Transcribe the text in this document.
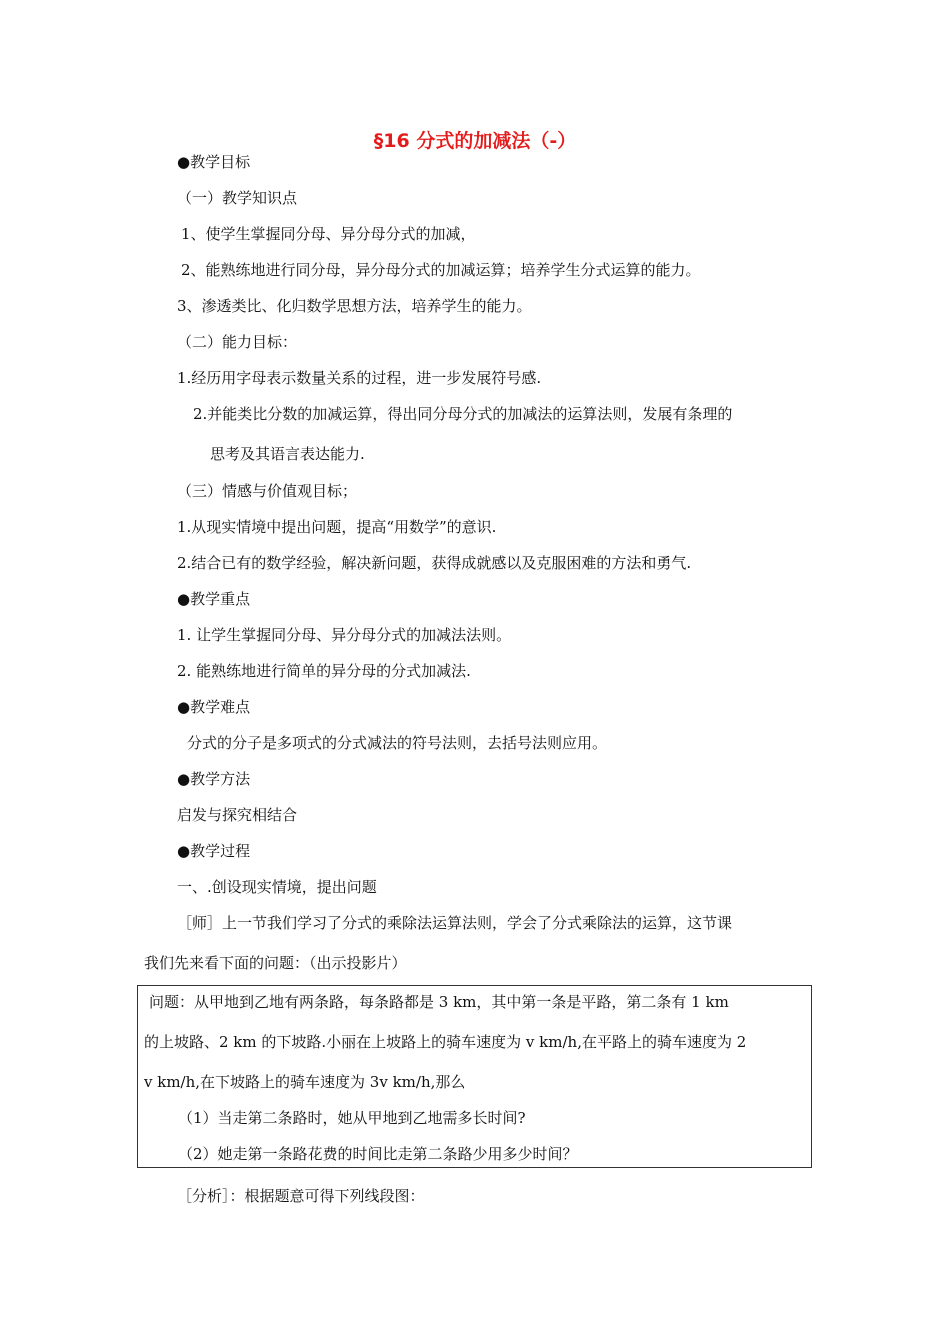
§16 分式的加减法（-）
●教学目标
（一）教学知识点
1、使学生掌握同分母、异分母分式的加减，
2、能熟练地进行同分母，异分母分式的加减运算；培养学生分式运算的能力。
3、渗透类比、化归数学思想方法，培养学生的能力。
（二）能力目标：
1.经历用字母表示数量关系的过程，进一步发展符号感.
2.并能类比分数的加减运算，得出同分母分式的加减法的运算法则，发展有条理的
思考及其语言表达能力.
（三）情感与价值观目标；
1.从现实情境中提出问题，提高“用数学”的意识.
2.结合已有的数学经验，解决新问题，获得成就感以及克服困难的方法和勇气.
●教学重点
1. 让学生掌握同分母、异分母分式的加减法法则。
2. 能熟练地进行简单的异分母的分式加减法.
●教学难点
分式的分子是多项式的分式减法的符号法则，去括号法则应用。
●教学方法
启发与探究相结合
●教学过程
一、.创设现实情境，提出问题
［师］上一节我们学习了分式的乘除法运算法则，学会了分式乘除法的运算，这节课
我们先来看下面的问题：（出示投影片）
问题：从甲地到乙地有两条路，每条路都是 3 km，其中第一条是平路，第二条有 1 km
的上坡路、2 km 的下坡路.小丽在上坡路上的骑车速度为 v km/h,在平路上的骑车速度为 2
v km/h,在下坡路上的骑车速度为 3v km/h,那么
（1）当走第二条路时，她从甲地到乙地需多长时间?
（2）她走第一条路花费的时间比走第二条路少用多少时间？
［分析］：根据题意可得下列线段图：
